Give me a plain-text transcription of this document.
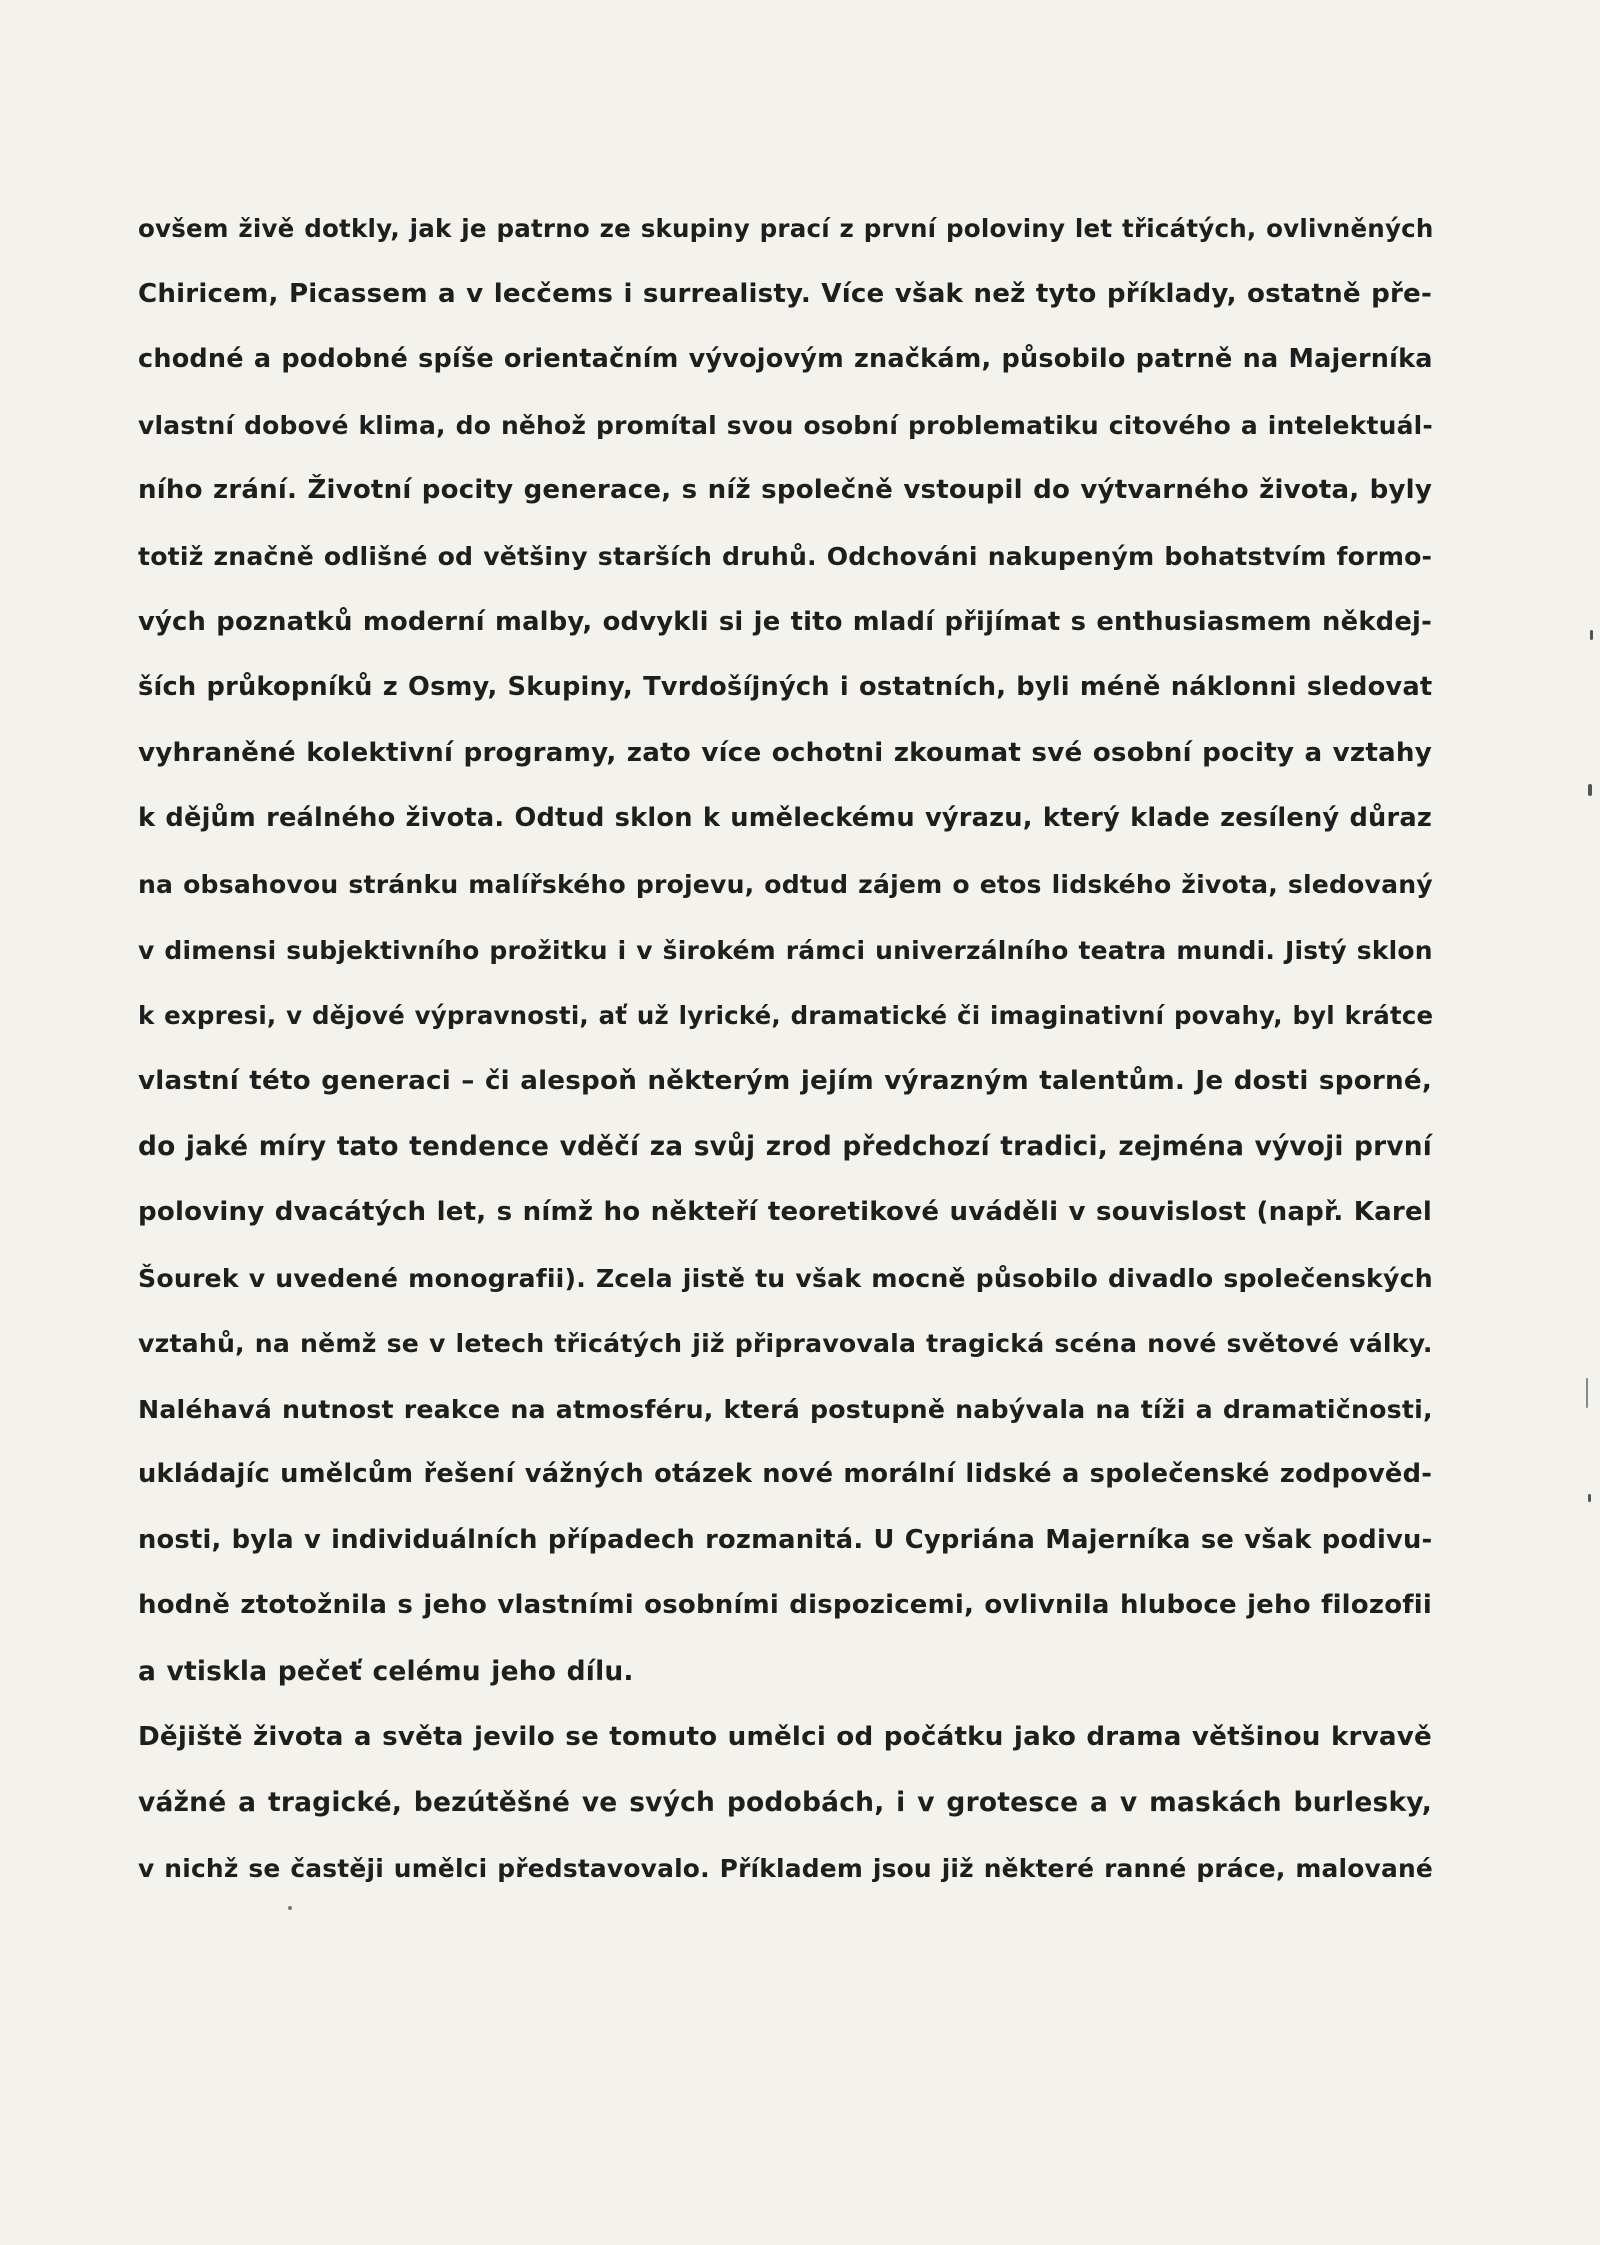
ovšem živě dotkly, jak je patrno ze skupiny prací z první poloviny let třicátých, ovlivněných
Chiricem, Picassem a v lecčems i surrealisty. Více však než tyto příklady, ostatně pře-
chodné a podobné spíše orientačním vývojovým značkám, působilo patrně na Majerníka
vlastní dobové klima, do něhož promítal svou osobní problematiku citového a intelektuál-
ního zrání. Životní pocity generace, s níž společně vstoupil do výtvarného života, byly
totiž značně odlišné od většiny starších druhů. Odchováni nakupeným bohatstvím formo-
vých poznatků moderní malby, odvykli si je tito mladí přijímat s enthusiasmem někdej-
ších průkopníků z Osmy, Skupiny, Tvrdošíjných i ostatních, byli méně náklonni sledovat
vyhraněné kolektivní programy, zato více ochotni zkoumat své osobní pocity a vztahy
k dějům reálného života. Odtud sklon k uměleckému výrazu, který klade zesílený důraz
na obsahovou stránku malířského projevu, odtud zájem o etos lidského života, sledovaný
v dimensi subjektivního prožitku i v širokém rámci univerzálního teatra mundi. Jistý sklon
k expresi, v dějové výpravnosti, ať už lyrické, dramatické či imaginativní povahy, byl krátce
vlastní této generaci – či alespoň některým jejím výrazným talentům. Je dosti sporné,
do jaké míry tato tendence vděčí za svůj zrod předchozí tradici, zejména vývoji první
poloviny dvacátých let, s nímž ho někteří teoretikové uváděli v souvislost (např. Karel
Šourek v uvedené monografii). Zcela jistě tu však mocně působilo divadlo společenských
vztahů, na němž se v letech třicátých již připravovala tragická scéna nové světové války.
Naléhavá nutnost reakce na atmosféru, která postupně nabývala na tíži a dramatičnosti,
ukládajíc umělcům řešení vážných otázek nové morální lidské a společenské zodpověd-
nosti, byla v individuálních případech rozmanitá. U Cypriána Majerníka se však podivu-
hodně ztotožnila s jeho vlastními osobními dispozicemi, ovlivnila hluboce jeho filozofii
a vtiskla pečeť celému jeho dílu.
Dějiště života a světa jevilo se tomuto umělci od počátku jako drama většinou krvavě
vážné a tragické, bezútěšné ve svých podobách, i v grotesce a v maskách burlesky,
v nichž se častěji umělci představovalo. Příkladem jsou již některé ranné práce, malované
